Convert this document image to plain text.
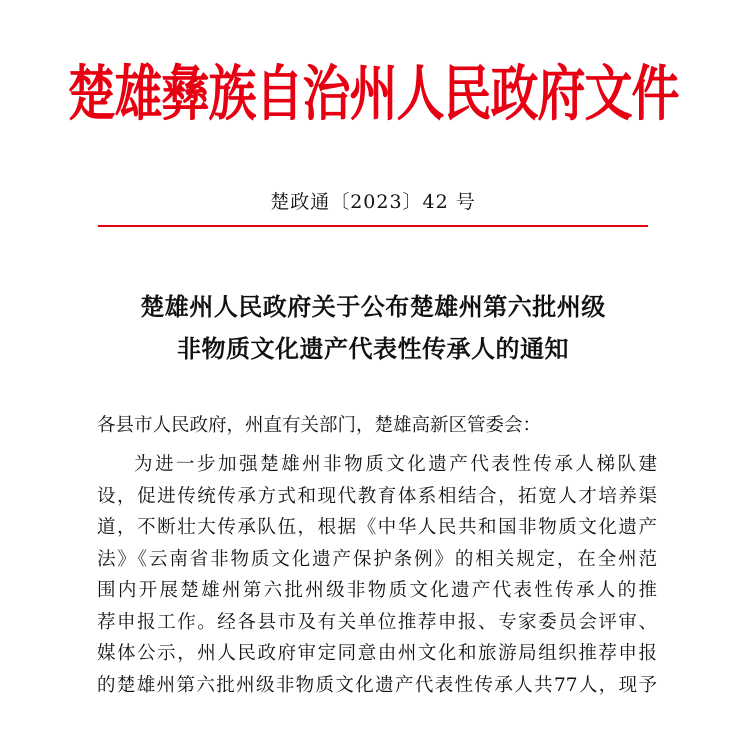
楚雄彝族自治州人民政府文件
楚政通〔2023〕42 号
楚雄州人民政府关于公布楚雄州第六批州级
非物质文化遗产代表性传承人的通知
各县市人民政府，州直有关部门，楚雄高新区管委会：
为进一步加强楚雄州非物质文化遗产代表性传承人梯队建
设，促进传统传承方式和现代教育体系相结合，拓宽人才培养渠
道，不断壮大传承队伍，根据《中华人民共和国非物质文化遗产
法》《云南省非物质文化遗产保护条例》的相关规定，在全州范
围内开展楚雄州第六批州级非物质文化遗产代表性传承人的推
荐申报工作。经各县市及有关单位推荐申报、专家委员会评审、
媒体公示，州人民政府审定同意由州文化和旅游局组织推荐申报
的楚雄州第六批州级非物质文化遗产代表性传承人共77人，现予
